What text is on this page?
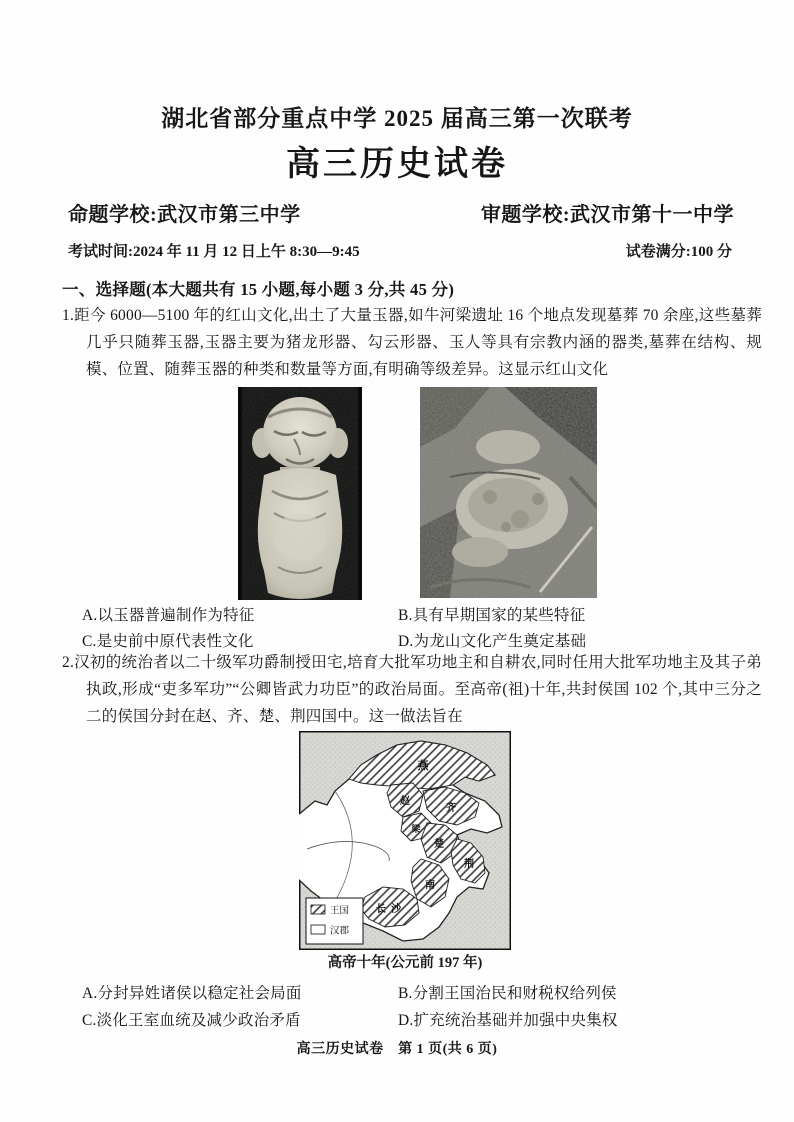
湖北省部分重点中学 2025 届高三第一次联考
高三历史试卷
命题学校:武汉市第三中学	审题学校:武汉市第十一中学
考试时间:2024 年 11 月 12 日上午 8:30—9:45	试卷满分:100 分
一、选择题(本大题共有 15 小题,每小题 3 分,共 45 分)
1.距今 6000—5100 年的红山文化,出土了大量玉器,如牛河梁遗址 16 个地点发现墓葬 70 余座,这些墓葬几乎只随葬玉器,玉器主要为猪龙形器、勾云形器、玉人等具有宗教内涵的器类,墓葬在结构、规模、位置、随葬玉器的种类和数量等方面,有明确等级差异。这显示红山文化
A.以玉器普遍制作为特征	B.具有早期国家的某些特征
C.是史前中原代表性文化	D.为龙山文化产生奠定基础
2.汉初的统治者以二十级军功爵制授田宅,培育大批军功地主和自耕农,同时任用大批军功地主及其子弟执政,形成“吏多军功”“公卿皆武力功臣”的政治局面。至高帝(祖)十年,共封侯国 102 个,其中三分之二的侯国分封在赵、齐、楚、荆四国中。这一做法旨在
燕
赵
齐
梁
楚
荆
南
长沙
王国
汉郡
高帝十年(公元前 197 年)
A.分封异姓诸侯以稳定社会局面	B.分割王国治民和财税权给列侯
C.淡化王室血统及减少政治矛盾	D.扩充统治基础并加强中央集权
高三历史试卷　第 1 页(共 6 页)
